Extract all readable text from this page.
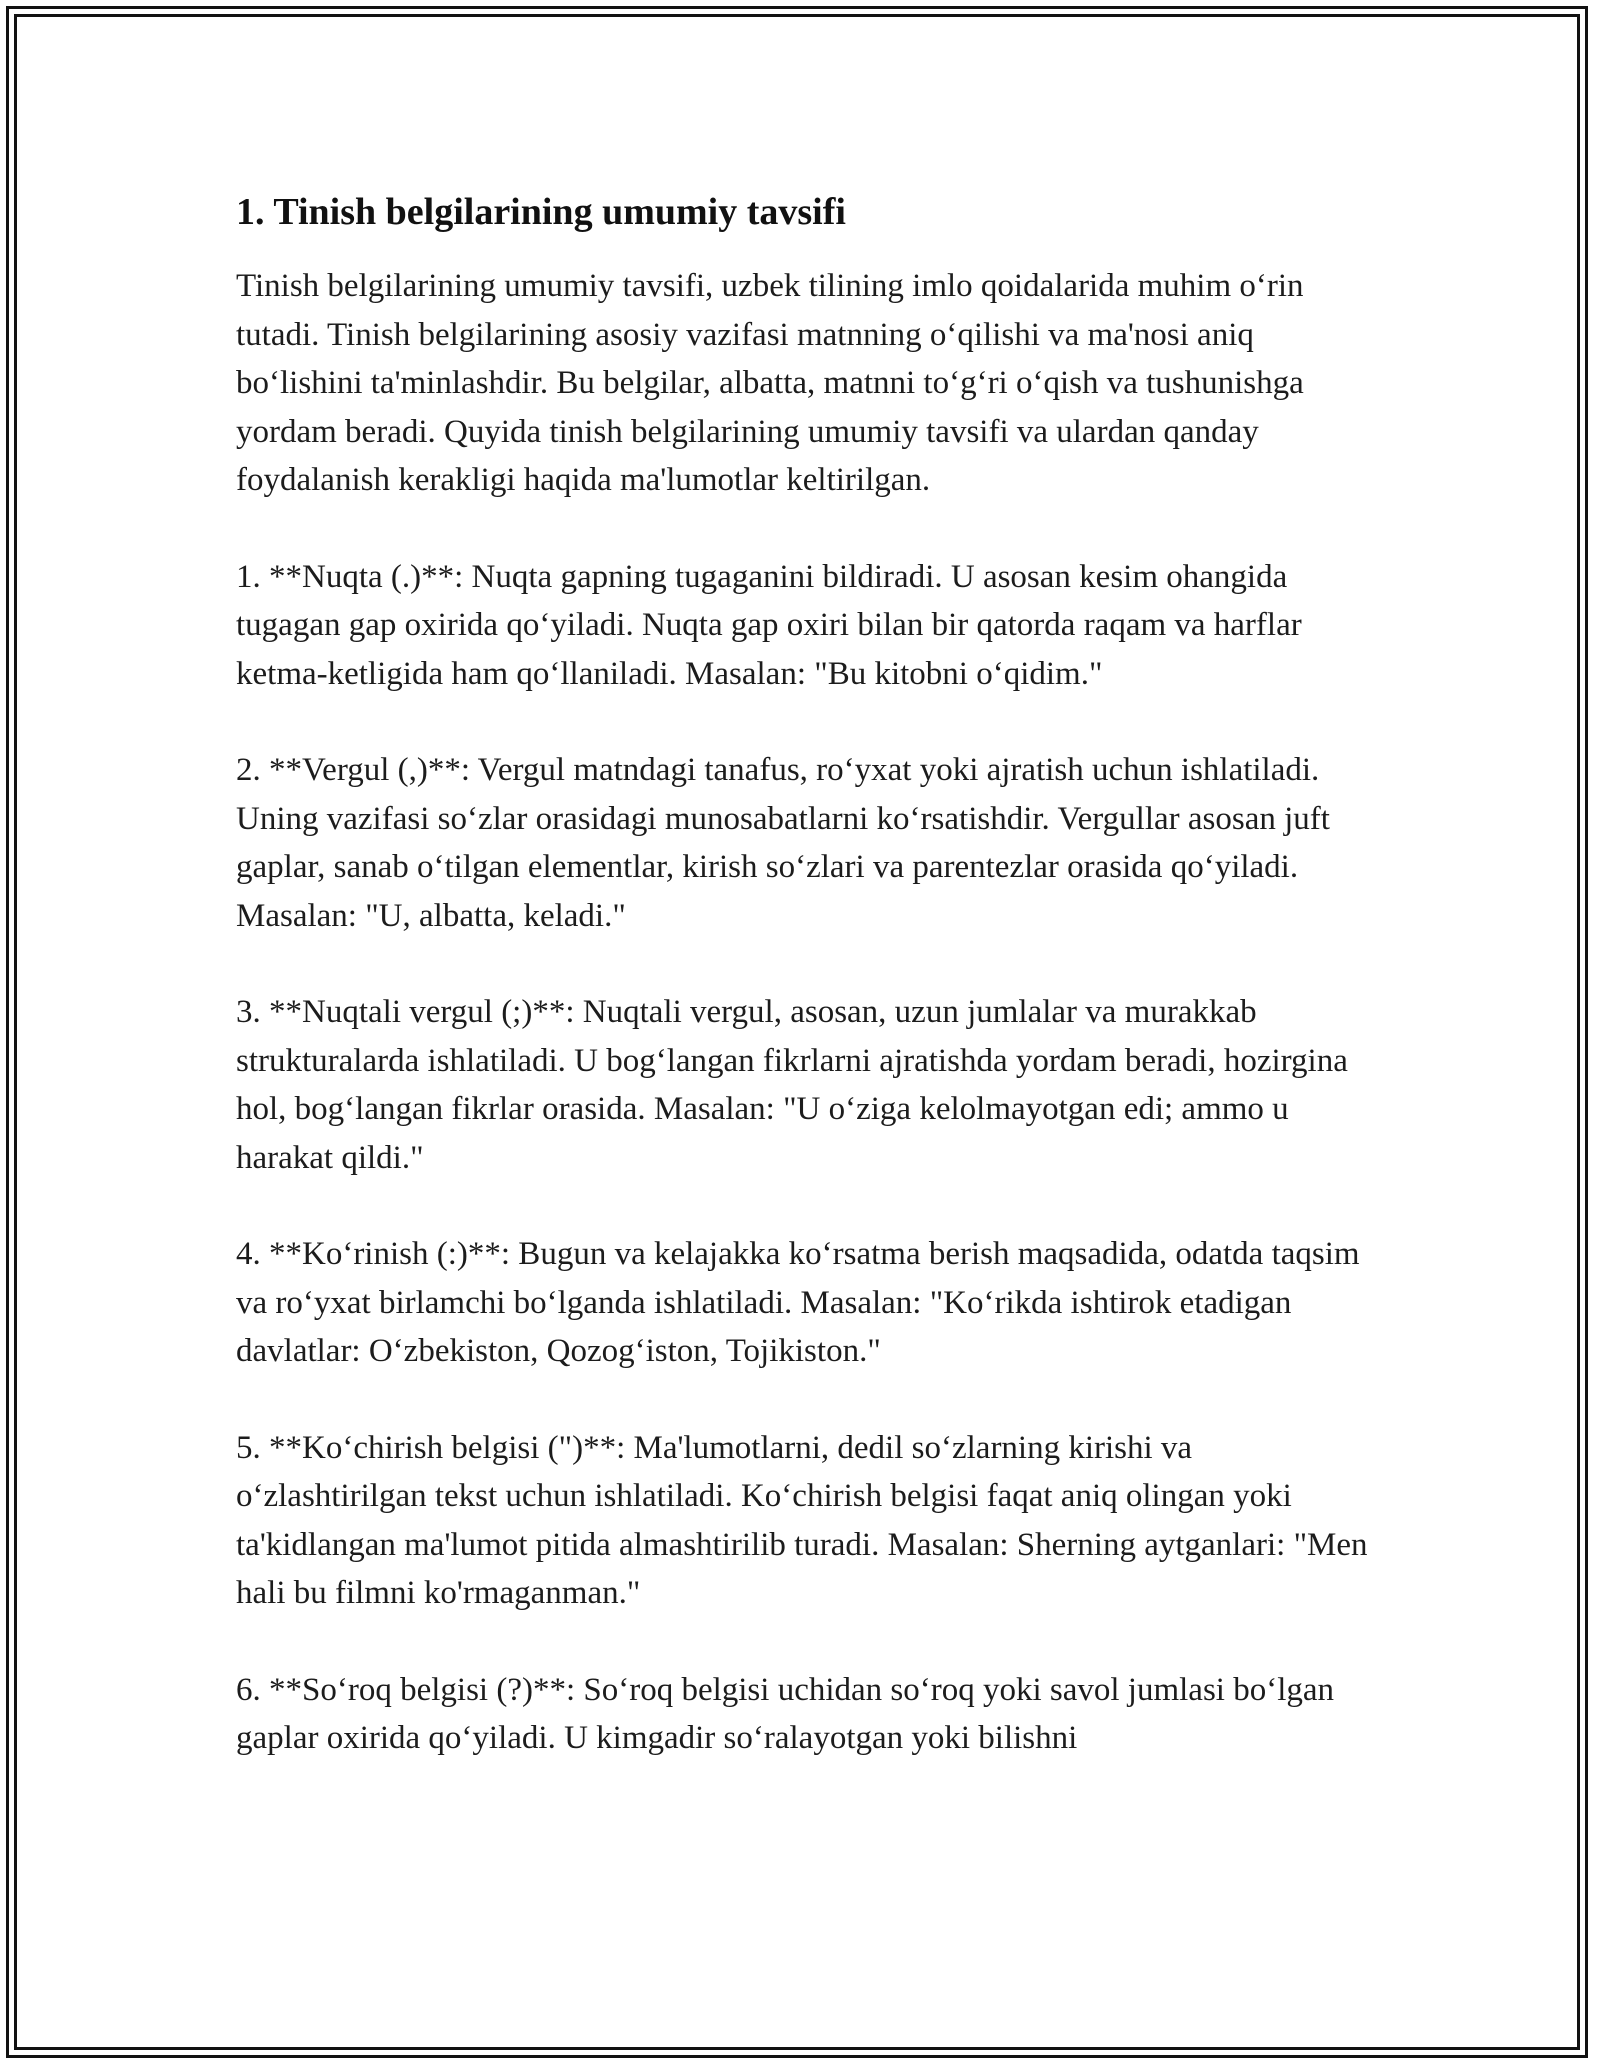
1. Tinish belgilarining umumiy tavsifi

Tinish belgilarining umumiy tavsifi, uzbek tilining imlo qoidalarida muhim o‘rin tutadi. Tinish belgilarining asosiy vazifasi matnning o‘qilishi va ma'nosi aniq bo‘lishini ta'minlashdir. Bu belgilar, albatta, matnni to‘g‘ri o‘qish va tushunishga yordam beradi. Quyida tinish belgilarining umumiy tavsifi va ulardan qanday foydalanish kerakligi haqida ma'lumotlar keltirilgan.

1. **Nuqta (.)**: Nuqta gapning tugaganini bildiradi. U asosan kesim ohangida tugagan gap oxirida qo‘yiladi. Nuqta gap oxiri bilan bir qatorda raqam va harflar ketma-ketligida ham qo‘llaniladi. Masalan: "Bu kitobni o‘qidim."

2. **Vergul (,)**: Vergul matndagi tanafus, ro‘yxat yoki ajratish uchun ishlatiladi. Uning vazifasi so‘zlar orasidagi munosabatlarni ko‘rsatishdir. Vergullar asosan juft gaplar, sanab o‘tilgan elementlar, kirish so‘zlari va parentezlar orasida qo‘yiladi. Masalan: "U, albatta, keladi."

3. **Nuqtali vergul (;)**: Nuqtali vergul, asosan, uzun jumlalar va murakkab strukturalarda ishlatiladi. U bog‘langan fikrlarni ajratishda yordam beradi, hozirgina hol, bog‘langan fikrlar orasida. Masalan: "U o‘ziga kelolmayotgan edi; ammo u harakat qildi."

4. **Ko‘rinish (:)**: Bugun va kelajakka ko‘rsatma berish maqsadida, odatda taqsim va ro‘yxat birlamchi bo‘lganda ishlatiladi. Masalan: "Ko‘rikda ishtirok etadigan davlatlar: O‘zbekiston, Qozog‘iston, Tojikiston."

5. **Ko‘chirish belgisi (")**: Ma'lumotlarni, dedil so‘zlarning kirishi va o‘zlashtirilgan tekst uchun ishlatiladi. Ko‘chirish belgisi faqat aniq olingan yoki ta'kidlangan ma'lumot pitida almashtirilib turadi. Masalan: Sherning aytganlari: "Men hali bu filmni ko'rmaganman."

6. **So‘roq belgisi (?)**: So‘roq belgisi uchidan so‘roq yoki savol jumlasi bo‘lgan gaplar oxirida qo‘yiladi. U kimgadir so‘ralayotgan yoki bilishni
